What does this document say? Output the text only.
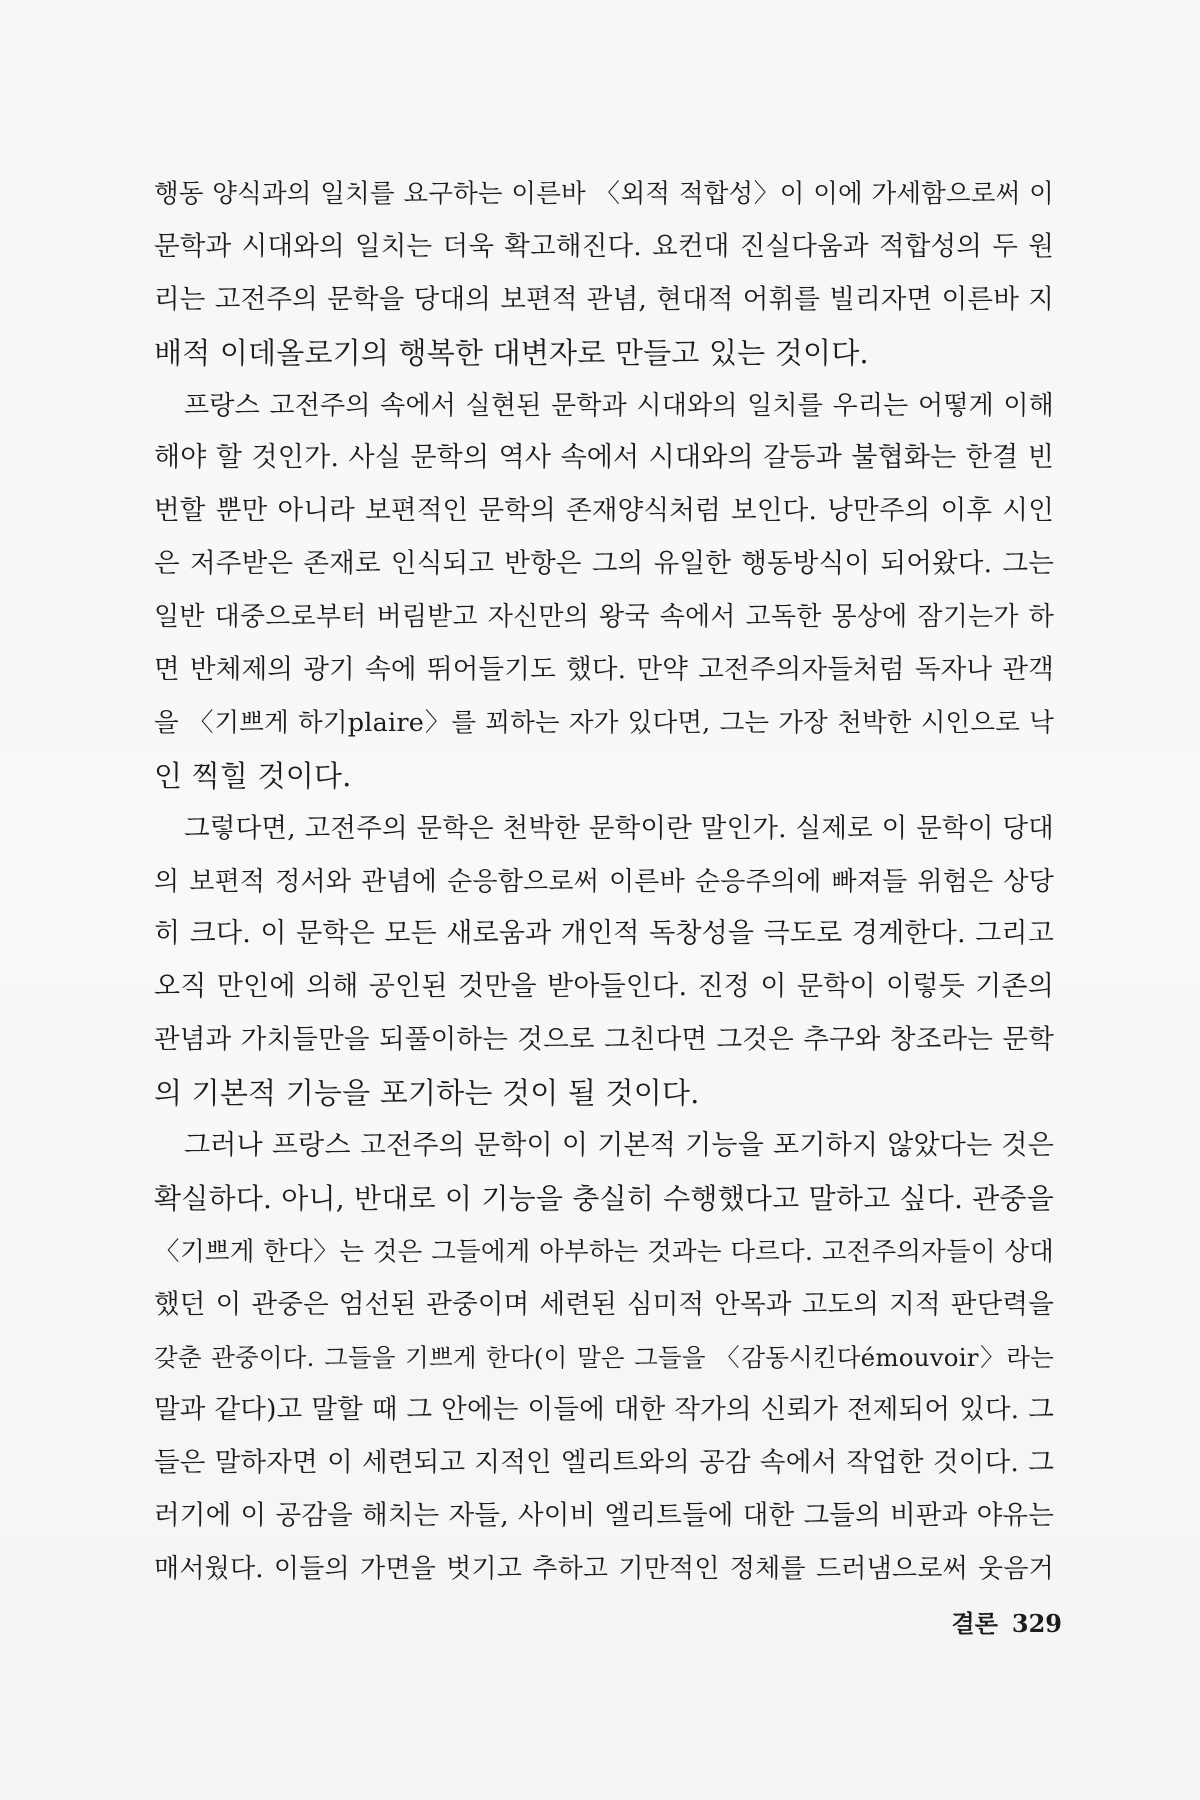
행동 양식과의 일치를 요구하는 이른바 〈외적 적합성〉이 이에 가세함으로써 이
문학과 시대와의 일치는 더욱 확고해진다. 요컨대 진실다움과 적합성의 두 원
리는 고전주의 문학을 당대의 보편적 관념, 현대적 어휘를 빌리자면 이른바 지
배적 이데올로기의 행복한 대변자로 만들고 있는 것이다.
프랑스 고전주의 속에서 실현된 문학과 시대와의 일치를 우리는 어떻게 이해
해야 할 것인가. 사실 문학의 역사 속에서 시대와의 갈등과 불협화는 한결 빈
번할 뿐만 아니라 보편적인 문학의 존재양식처럼 보인다. 낭만주의 이후 시인
은 저주받은 존재로 인식되고 반항은 그의 유일한 행동방식이 되어왔다. 그는
일반 대중으로부터 버림받고 자신만의 왕국 속에서 고독한 몽상에 잠기는가 하
면 반체제의 광기 속에 뛰어들기도 했다. 만약 고전주의자들처럼 독자나 관객
을 〈기쁘게 하기plaire〉를 꾀하는 자가 있다면, 그는 가장 천박한 시인으로 낙
인 찍힐 것이다.
그렇다면, 고전주의 문학은 천박한 문학이란 말인가. 실제로 이 문학이 당대
의 보편적 정서와 관념에 순응함으로써 이른바 순응주의에 빠져들 위험은 상당
히 크다. 이 문학은 모든 새로움과 개인적 독창성을 극도로 경계한다. 그리고
오직 만인에 의해 공인된 것만을 받아들인다. 진정 이 문학이 이렇듯 기존의
관념과 가치들만을 되풀이하는 것으로 그친다면 그것은 추구와 창조라는 문학
의 기본적 기능을 포기하는 것이 될 것이다.
그러나 프랑스 고전주의 문학이 이 기본적 기능을 포기하지 않았다는 것은
확실하다. 아니, 반대로 이 기능을 충실히 수행했다고 말하고 싶다. 관중을
〈기쁘게 한다〉는 것은 그들에게 아부하는 것과는 다르다. 고전주의자들이 상대
했던 이 관중은 엄선된 관중이며 세련된 심미적 안목과 고도의 지적 판단력을
갖춘 관중이다. 그들을 기쁘게 한다(이 말은 그들을 〈감동시킨다émouvoir〉라는
말과 같다)고 말할 때 그 안에는 이들에 대한 작가의 신뢰가 전제되어 있다. 그
들은 말하자면 이 세련되고 지적인 엘리트와의 공감 속에서 작업한 것이다. 그
러기에 이 공감을 해치는 자들, 사이비 엘리트들에 대한 그들의 비판과 야유는
매서웠다. 이들의 가면을 벗기고 추하고 기만적인 정체를 드러냄으로써 웃음거
결론 329
